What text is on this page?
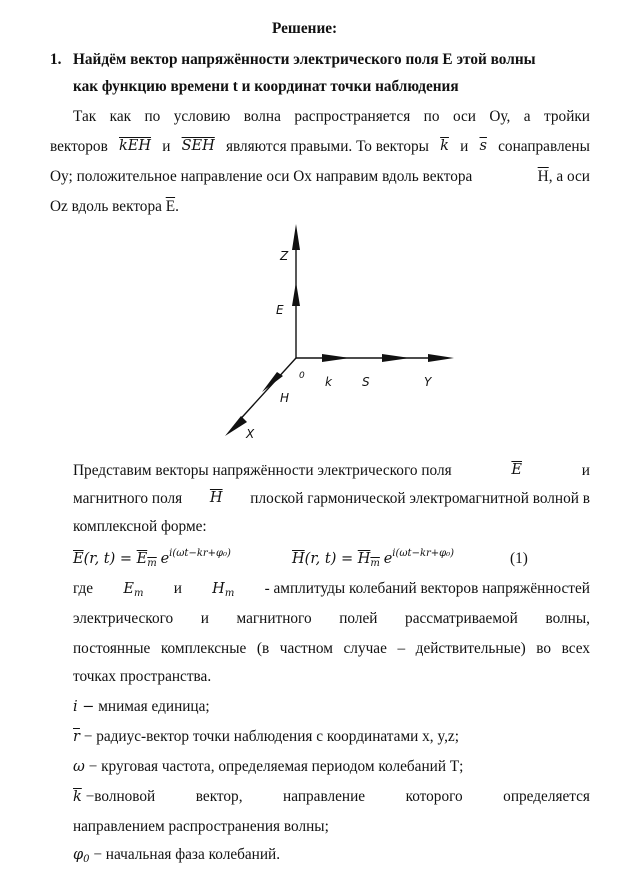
Решение:
1. Найдём вектор напряжённости электрического поля Е этой волны
как функцию времени t и координат точки наблюдения
Так как по условию волна распространяется по оси Оу, а тройки
векторов $\overline{kEH}$ и $\overline{SEH}$ являются правыми. То векторы $\overline{k}$ и $\overline{s}$ сонаправлены
Оу; положительное направление оси Ох направим вдоль вектора	$\overline{H}$, а оси
Oz вдоль вектора $\overline{E}$.
Z
E
0 k	S	Y
H
X
Представим векторы напряжённости электрического поля	$\overline{E}$	и
магнитного поля $\overline{H}$ плоской гармонической электромагнитной волной в
комплексной форме:
$\overline{E}(r$, $t) = E_m$ $e^{i(\omega t-kr+\varphi_0)}$	$\overline{H}(r$, $t) = H_m$ $e^{i(\omega t-kr+\varphi_0)}$	(1)
где $E_m$ и $H_m$ - амплитуды колебаний векторов напряжённостей
электрического и магнитного полей рассматриваемой волны,
постоянные комплексные (в частном случае – действительные) во всех
точках пространства.
i − мнимая единица;
$\overline{r}$ − радиус-вектор точки наблюдения с координатами x, y,z;
ω − круговая частота, определяемая периодом колебаний Т;
$\overline{k}$ −волновой	вектор,	направление	которого	определяется
направлением распространения волны;
$\varphi_0$ − начальная фаза колебаний.
